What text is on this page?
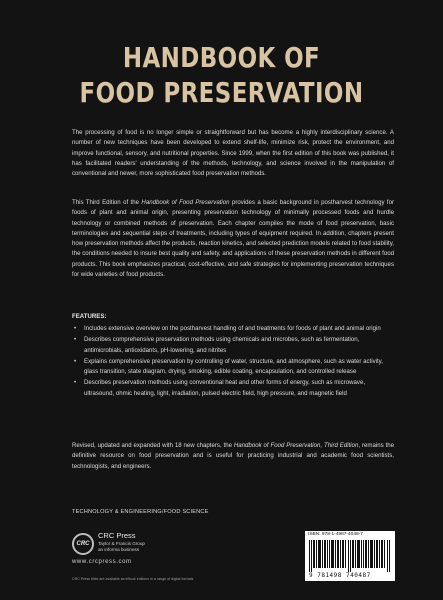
HANDBOOK OF
FOOD PRESERVATION
The processing of food is no longer simple or straightforward but has become a highly interdisciplinary science. A number of new techniques have been developed to extend shelf-life, minimize risk, protect the environment, and improve functional, sensory, and nutritional properties. Since 1999, when the first edition of this book was published, it has facilitated readers' understanding of the methods, technology, and science involved in the manipulation of conventional and newer, more sophisticated food preservation methods.
This Third Edition of the Handbook of Food Preservation provides a basic background in postharvest technology for foods of plant and animal origin, presenting preservation technology of minimally processed foods and hurdle technology or combined methods of preservation. Each chapter compiles the mode of food preservation, basic terminologies and sequential steps of treatments, including types of equipment required. In addition, chapters present how preservation methods affect the products, reaction kinetics, and selected prediction models related to food stability, the conditions needed to insure best quality and safety, and applications of these preservation methods in different food products. This book emphasizes practical, cost-effective, and safe strategies for implementing preservation techniques for wide varieties of food products.
FEATURES:
• Includes extensive overview on the postharvest handling of and treatments for foods of plant and animal origin
• Describes comprehensive preservation methods using chemicals and microbes, such as fermentation, antimicrobials, antioxidants, pH-lowering, and nitrites
• Explains comprehensive preservation by controlling of water, structure, and atmosphere, such as water activity, glass transition, state diagram, drying, smoking, edible coating, encapsulation, and controlled release
• Describes preservation methods using conventional heat and other forms of energy, such as microwave, ultrasound, ohmic heating, light, irradiation, pulsed electric field, high pressure, and magnetic field
Revised, updated and expanded with 18 new chapters, the Handbook of Food Preservation, Third Edition, remains the definitive resource on food preservation and is useful for practicing industrial and academic food scientists, technologists, and engineers.
TECHNOLOGY & ENGINEERING/FOOD SCIENCE
CRC
CRC Press
Taylor & Francis Group
an informa business
www.crcpress.com
CRC Press titles are available as eBook editions in a range of digital formats
ISBN: 978-1-4987-4048-7
9 781498 740487
